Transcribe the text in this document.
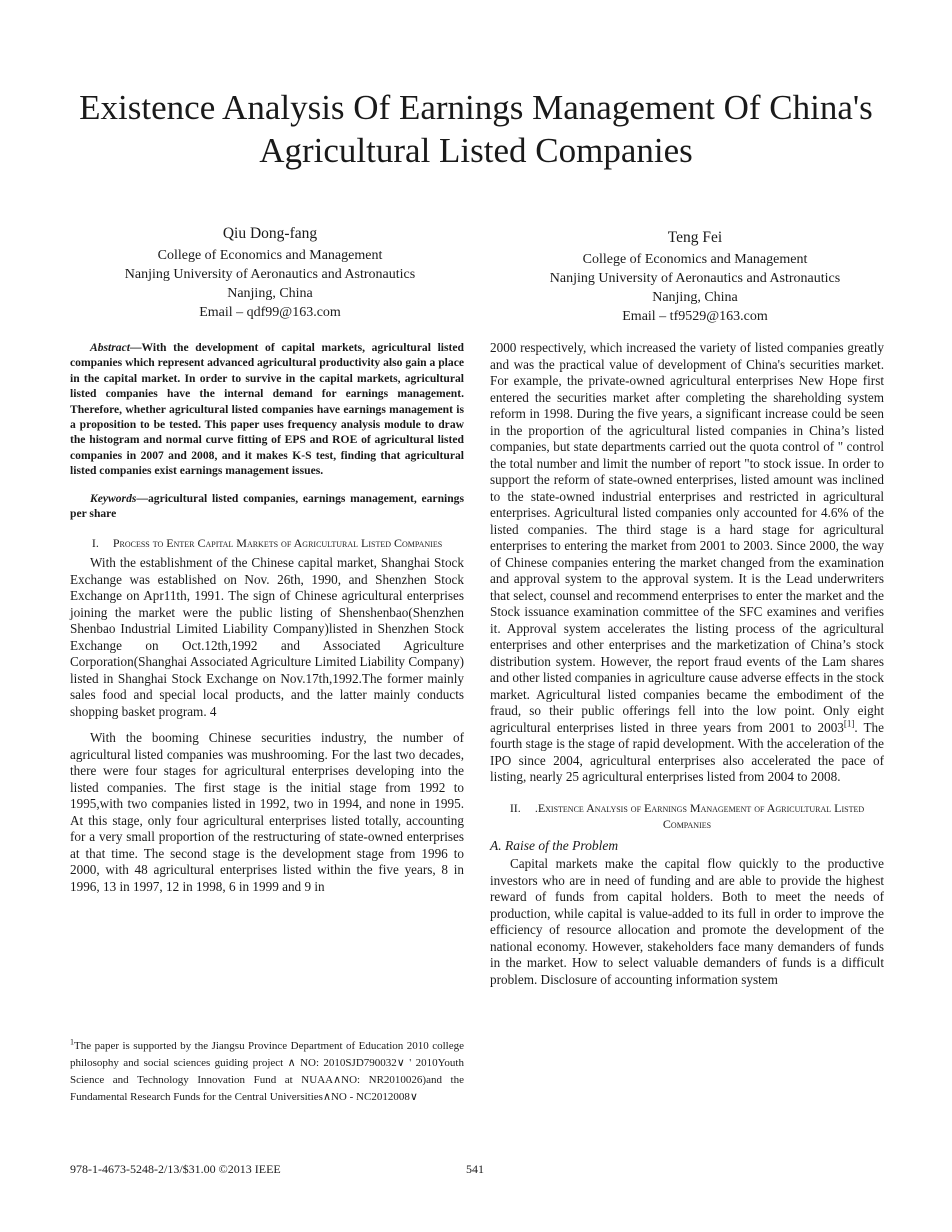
Existence Analysis Of Earnings Management Of China's Agricultural Listed Companies
Qiu Dong-fang
College of Economics and Management
Nanjing University of Aeronautics and Astronautics
Nanjing, China
Email – qdf99@163.com
Teng Fei
College of Economics and Management
Nanjing University of Aeronautics and Astronautics
Nanjing, China
Email – tf9529@163.com

Abstract—With the development of capital markets, agricultural listed companies which represent advanced agricultural productivity also gain a place in the capital market. In order to survive in the capital markets, agricultural listed companies have the internal demand for earnings management. Therefore, whether agricultural listed companies have earnings management is a proposition to be tested. This paper uses frequency analysis module to draw the histogram and normal curve fitting of EPS and ROE of agricultural listed companies in 2007 and 2008, and it makes K-S test, finding that agricultural listed companies exist earnings management issues.

Keywords—agricultural listed companies, earnings management, earnings per share

I. Process to Enter Capital Markets of Agricultural Listed Companies

With the establishment of the Chinese capital market, Shanghai Stock Exchange was established on Nov. 26th, 1990, and Shenzhen Stock Exchange on Apr11th, 1991. The sign of Chinese agricultural enterprises joining the market were the public listing of Shenshenbao(Shenzhen Shenbao Industrial Limited Liability Company)listed in Shenzhen Stock Exchange on Oct.12th,1992 and Associated Agriculture Corporation(Shanghai Associated Agriculture Limited Liability Company) listed in Shanghai Stock Exchange on Nov.17th,1992.The former mainly sales food and special local products, and the latter mainly conducts shopping basket program. 4

With the booming Chinese securities industry, the number of agricultural listed companies was mushrooming. For the last two decades, there were four stages for agricultural enterprises developing into the listed companies. The first stage is the initial stage from 1992 to 1995,with two companies listed in 1992, two in 1994, and none in 1995. At this stage, only four agricultural enterprises listed totally, accounting for a very small proportion of the restructuring of state-owned enterprises at that time. The second stage is the development stage from 1996 to 2000, with 48 agricultural enterprises listed within the five years, 8 in 1996, 13 in 1997, 12 in 1998, 6 in 1999 and 9 in

$^1$The paper is supported by the Jiangsu Province Department of Education 2010 college philosophy and social sciences guiding project ∧ NO: 2010SJD790032∨ ' 2010Youth Science and Technology Innovation Fund at NUAA∧NO: NR2010026)and the Fundamental Research Funds for the Central Universities∧NO - NC2012008∨

2000 respectively, which increased the variety of listed companies greatly and was the practical value of development of China's securities market. For example, the private-owned agricultural enterprises New Hope first entered the securities market after completing the shareholding system reform in 1998. During the five years, a significant increase could be seen in the proportion of the agricultural listed companies in China’s listed companies, but state departments carried out the quota control of " control the total number and limit the number of report "to stock issue. In order to support the reform of state-owned enterprises, listed amount was inclined to the state-owned industrial enterprises and restricted in agricultural enterprises. Agricultural listed companies only accounted for 4.6% of the listed companies. The third stage is a hard stage for agricultural enterprises to entering the market from 2001 to 2003. Since 2000, the way of Chinese companies entering the market changed from the examination and approval system to the approval system. It is the Lead underwriters that select, counsel and recommend enterprises to enter the market and the Stock issuance examination committee of the SFC examines and verifies it. Approval system accelerates the listing process of the agricultural enterprises and other enterprises and the marketization of China’s stock distribution system. However, the report fraud events of the Lam shares and other listed companies in agriculture cause adverse effects in the stock market. Agricultural listed companies became the embodiment of the fraud, so their public offerings fell into the low point. Only eight agricultural enterprises listed in three years from 2001 to 2003[1]. The fourth stage is the stage of rapid development. With the acceleration of the IPO since 2004, agricultural enterprises also accelerated the pace of listing, nearly 25 agricultural enterprises listed from 2004 to 2008.

II. .Existence Analysis of Earnings Management of Agricultural Listed Companies

A. Raise of the Problem

Capital markets make the capital flow quickly to the productive investors who are in need of funding and are able to provide the highest reward of funds from capital holders. Both to meet the needs of production, while capital is value-added to its full in order to improve the efficiency of resource allocation and promote the development of the national economy. However, stakeholders face many demanders of funds in the market. How to select valuable demanders of funds is a difficult problem. Disclosure of accounting information system

978-1-4673-5248-2/13/$31.00 ©2013 IEEE	541
